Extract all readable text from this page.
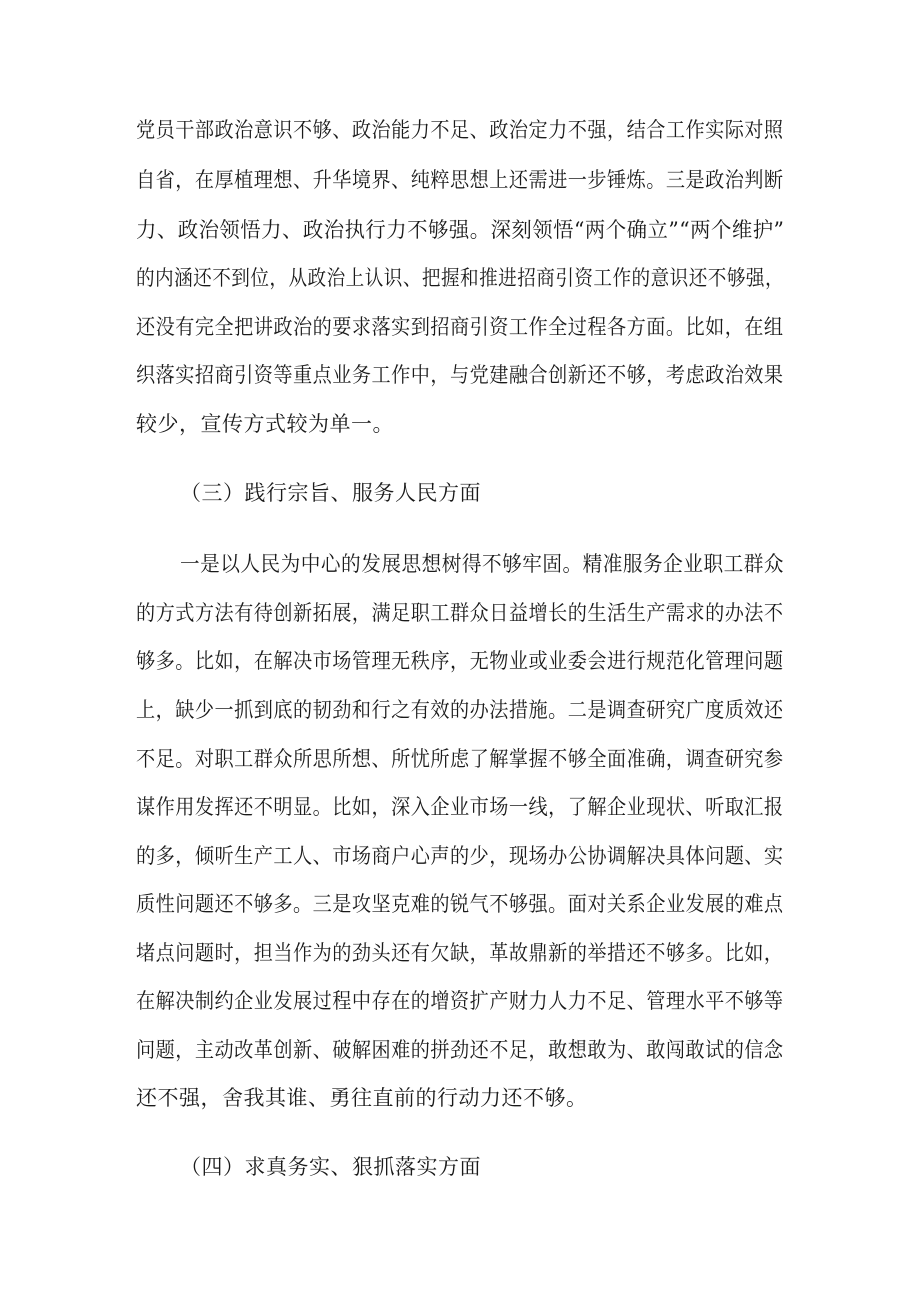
党员干部政治意识不够、政治能力不足、政治定力不强，结合工作实际对照
自省，在厚植理想、升华境界、纯粹思想上还需进一步锤炼。三是政治判断
力、政治领悟力、政治执行力不够强。深刻领悟“两个确立”“两个维护”
的内涵还不到位，从政治上认识、把握和推进招商引资工作的意识还不够强，
还没有完全把讲政治的要求落实到招商引资工作全过程各方面。比如，在组
织落实招商引资等重点业务工作中，与党建融合创新还不够，考虑政治效果
较少，宣传方式较为单一。
（三）践行宗旨、服务人民方面
一是以人民为中心的发展思想树得不够牢固。精准服务企业职工群众
的方式方法有待创新拓展，满足职工群众日益增长的生活生产需求的办法不
够多。比如，在解决市场管理无秩序，无物业或业委会进行规范化管理问题
上，缺少一抓到底的韧劲和行之有效的办法措施。二是调查研究广度质效还
不足。对职工群众所思所想、所忧所虑了解掌握不够全面准确，调查研究参
谋作用发挥还不明显。比如，深入企业市场一线，了解企业现状、听取汇报
的多，倾听生产工人、市场商户心声的少，现场办公协调解决具体问题、实
质性问题还不够多。三是攻坚克难的锐气不够强。面对关系企业发展的难点
堵点问题时，担当作为的劲头还有欠缺，革故鼎新的举措还不够多。比如，
在解决制约企业发展过程中存在的增资扩产财力人力不足、管理水平不够等
问题，主动改革创新、破解困难的拼劲还不足，敢想敢为、敢闯敢试的信念
还不强，舍我其谁、勇往直前的行动力还不够。
（四）求真务实、狠抓落实方面
